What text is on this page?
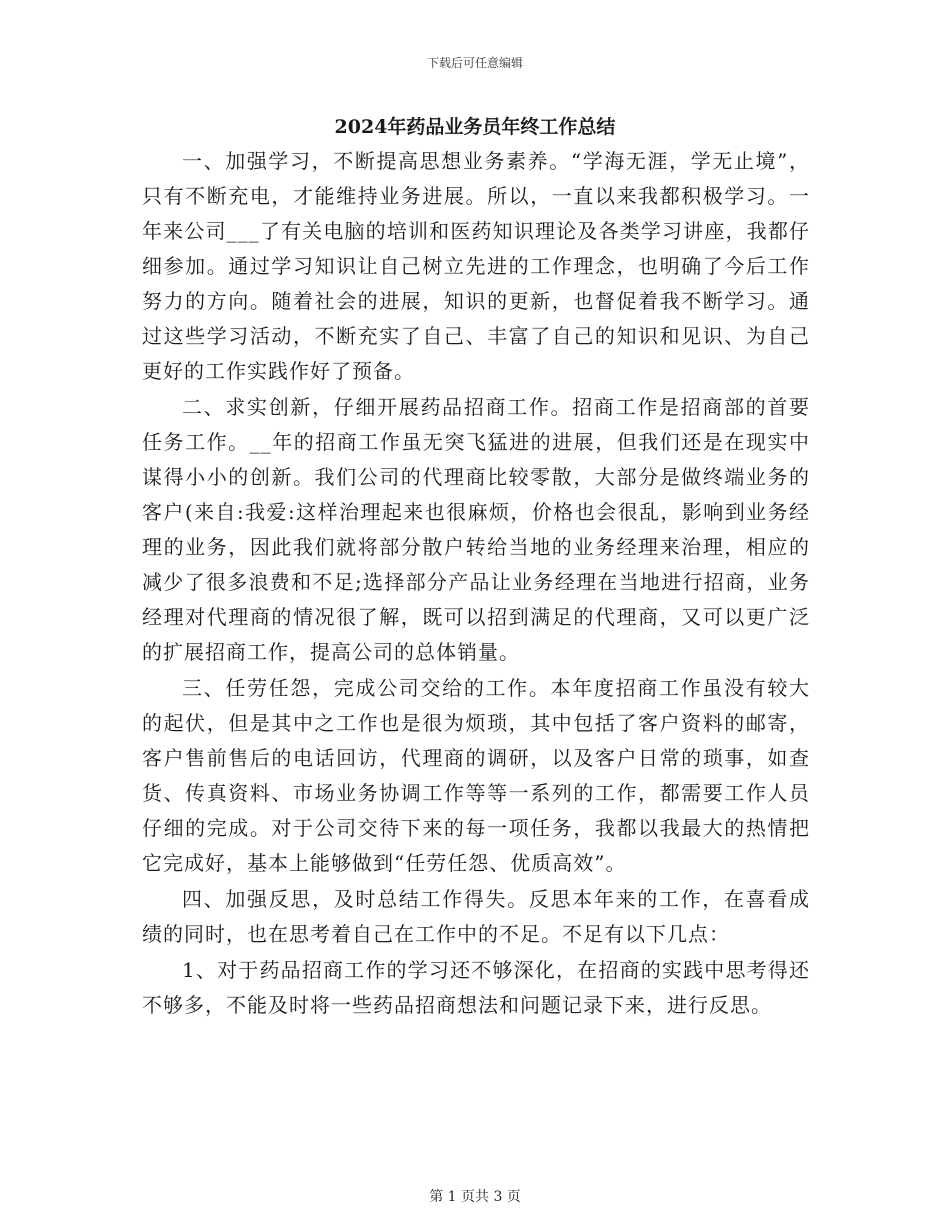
下载后可任意编辑
2024年药品业务员年终工作总结

一、加强学习，不断提高思想业务素养。“学海无涯，学无止境”，只有不断充电，才能维持业务进展。所以，一直以来我都积极学习。一年来公司___了有关电脑的培训和医药知识理论及各类学习讲座，我都仔细参加。通过学习知识让自己树立先进的工作理念，也明确了今后工作努力的方向。随着社会的进展，知识的更新，也督促着我不断学习。通过这些学习活动，不断充实了自己、丰富了自己的知识和见识、为自己更好的工作实践作好了预备。

二、求实创新，仔细开展药品招商工作。招商工作是招商部的首要任务工作。__年的招商工作虽无突飞猛进的进展，但我们还是在现实中谋得小小的创新。我们公司的代理商比较零散，大部分是做终端业务的客户(来自:我爱:这样治理起来也很麻烦，价格也会很乱，影响到业务经理的业务，因此我们就将部分散户转给当地的业务经理来治理，相应的减少了很多浪费和不足;选择部分产品让业务经理在当地进行招商，业务经理对代理商的情况很了解，既可以招到满足的代理商，又可以更广泛的扩展招商工作，提高公司的总体销量。

三、任劳任怨，完成公司交给的工作。本年度招商工作虽没有较大的起伏，但是其中之工作也是很为烦琐，其中包括了客户资料的邮寄，客户售前售后的电话回访，代理商的调研，以及客户日常的琐事，如查货、传真资料、市场业务协调工作等等一系列的工作，都需要工作人员仔细的完成。对于公司交待下来的每一项任务，我都以我最大的热情把它完成好，基本上能够做到“任劳任怨、优质高效”。

四、加强反思，及时总结工作得失。反思本年来的工作，在喜看成绩的同时，也在思考着自己在工作中的不足。不足有以下几点：

1、对于药品招商工作的学习还不够深化，在招商的实践中思考得还不够多，不能及时将一些药品招商想法和问题记录下来，进行反思。

第 1 页共 3 页
